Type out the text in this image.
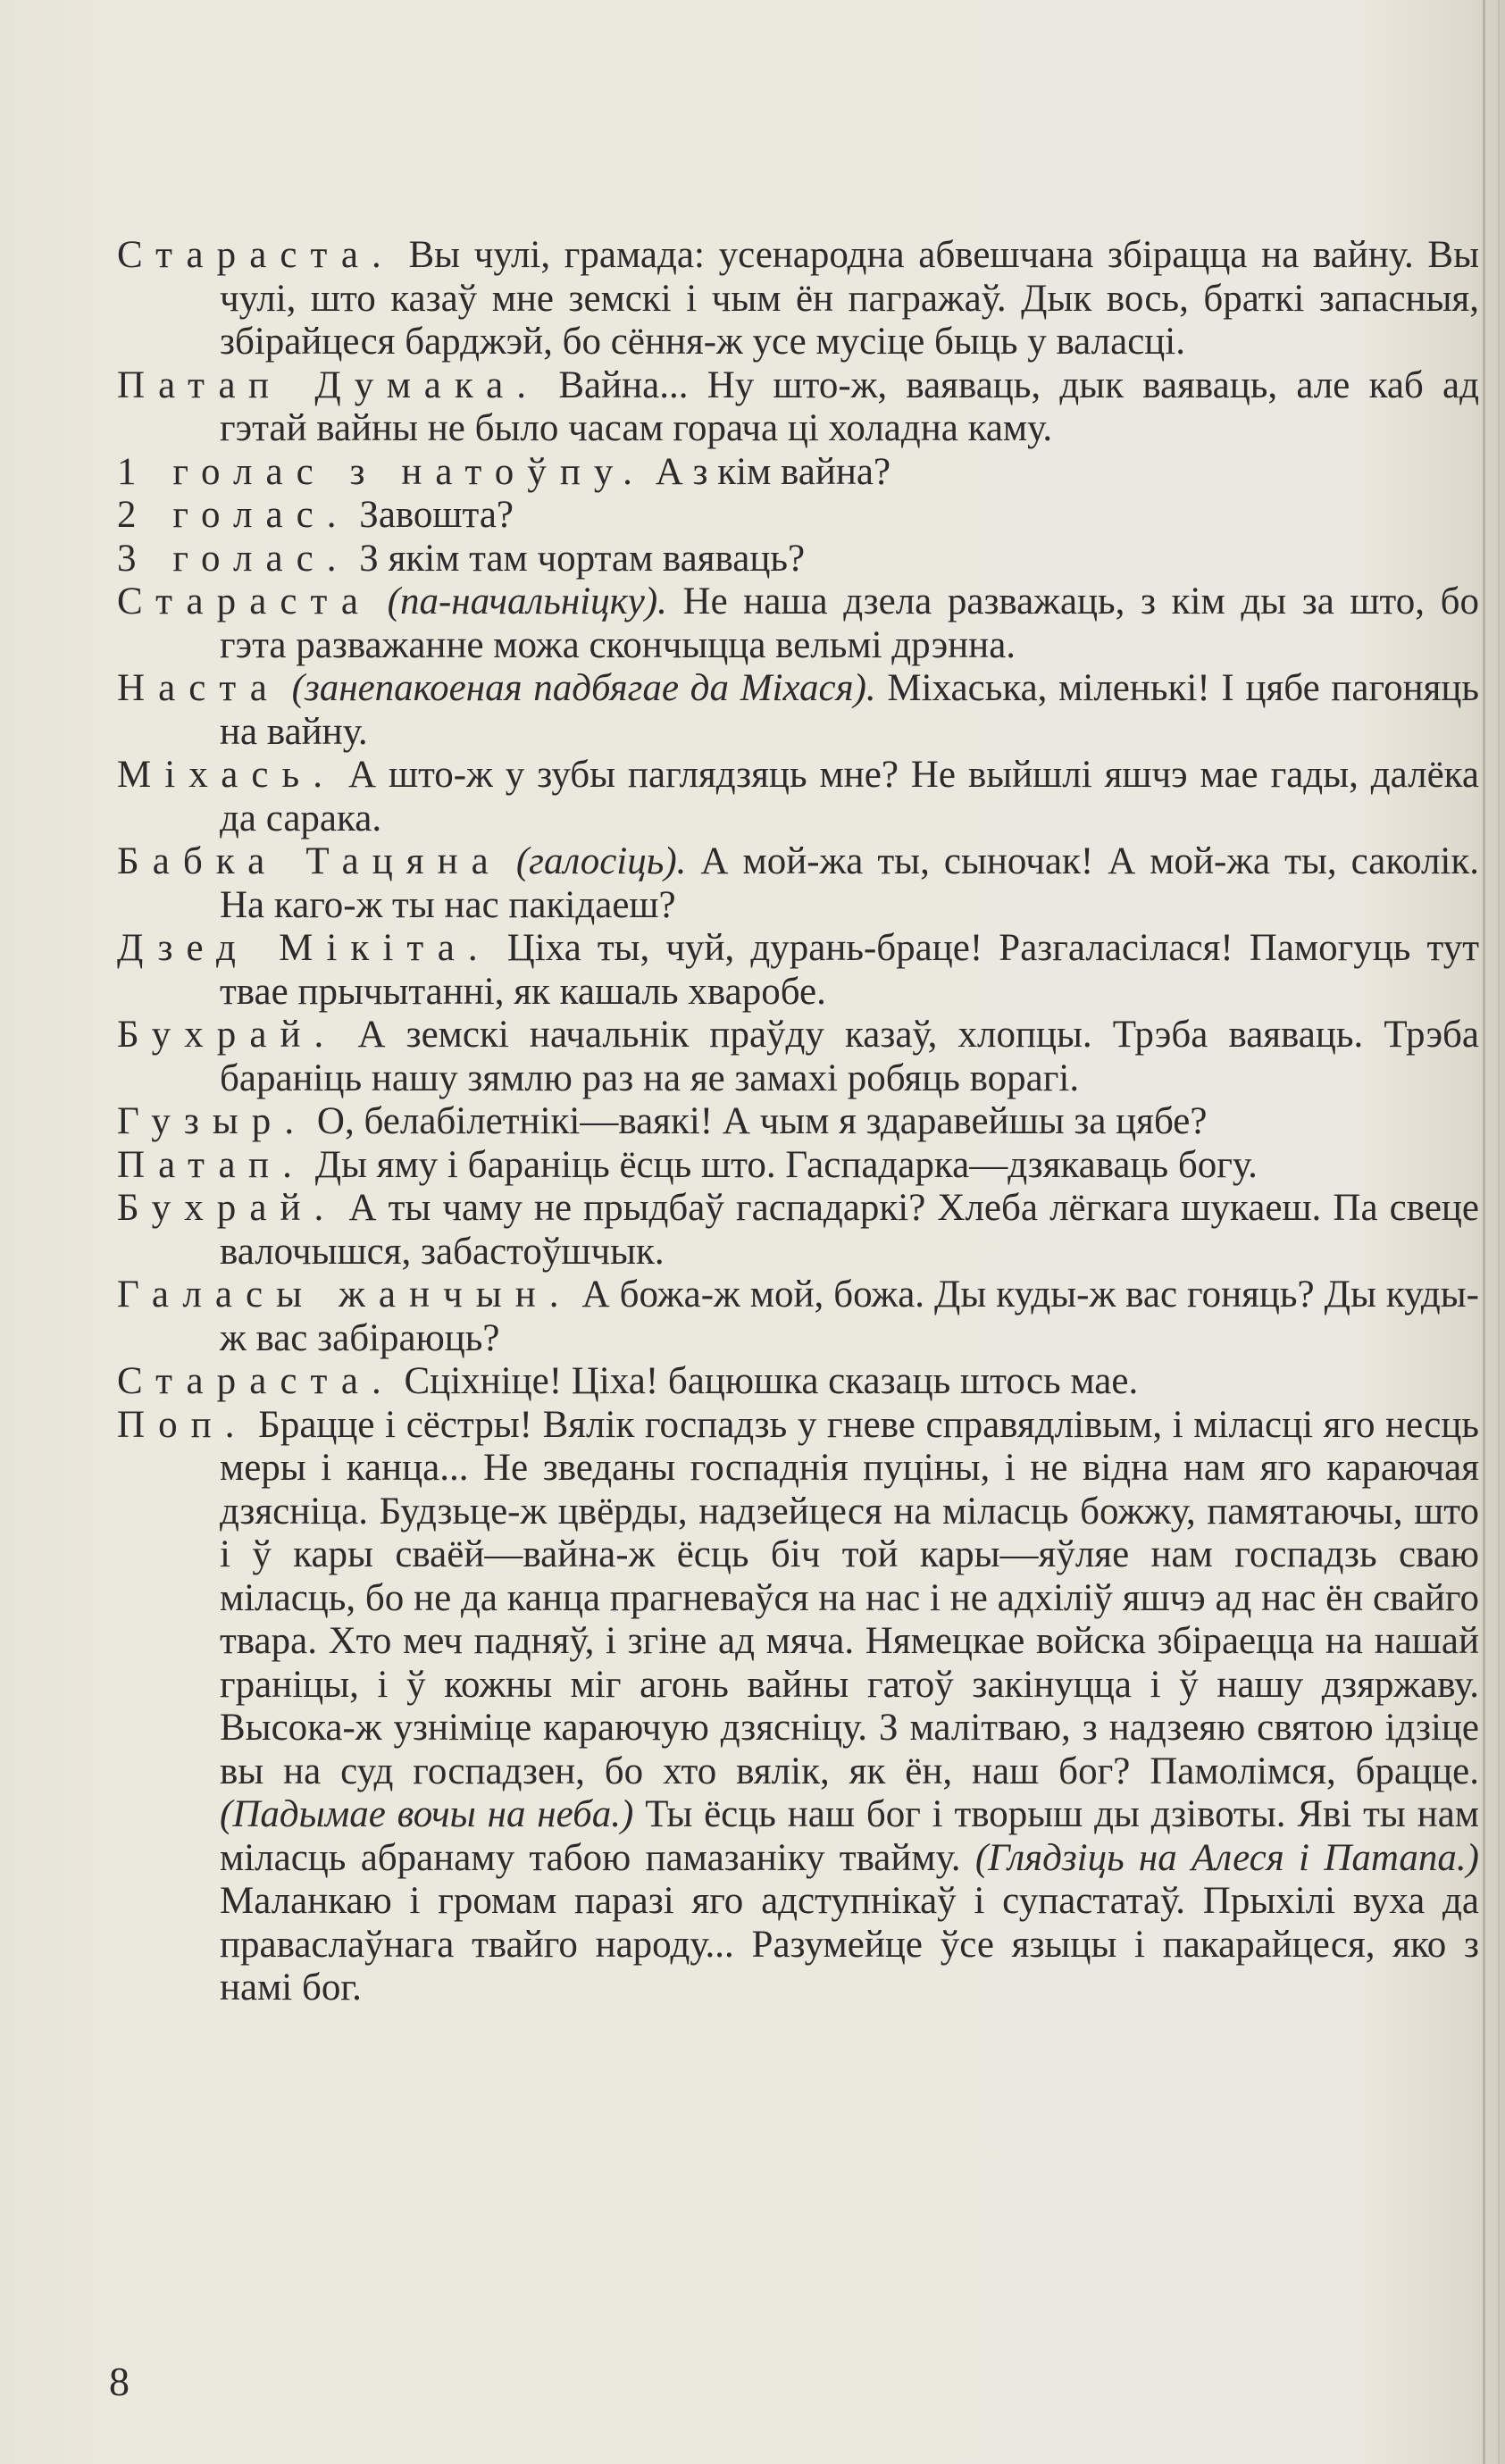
Стараста. Вы чулі, грамада: усенародна абвешчана збірацца на вайну. Вы чулі, што казаў мне земскі і чым ён пагражаў. Дык вось, браткі запасныя, збірайцеся барджэй, бо сёння-ж усе мусіце быць у валасці.

Патап Думака. Вайна... Ну што-ж, ваяваць, дык ваяваць, але каб ад гэтай вайны не было часам горача ці холадна каму.

1 голас з натоўпу. А з кім вайна?

2 голас. Завошта?

3 голас. З якім там чортам ваяваць?

Стараста (па-начальніцку). Не наша дзела разважаць, з кім ды за што, бо гэта разважанне можа скончыцца вельмі дрэнна.

Наста (занепакоеная падбягае да Міхася). Міхаська, міленькі! І цябе пагоняць на вайну.

Міхась. А што-ж у зубы паглядзяць мне? Не выйшлі яшчэ мае гады, далёка да сарака.

Бабка Тацяна (галосіць). А мой-жа ты, сыночак! А мой-жа ты, саколік. На каго-ж ты нас пакідаеш?

Дзед Мікіта. Ціха ты, чуй, дурань-браце! Разгаласілася! Памогуць тут твае прычытанні, як кашаль хваробе.

Бухрай. А земскі начальнік праўду казаў, хлопцы. Трэба ваяваць. Трэба бараніць нашу зямлю раз на яе замахі робяць ворагі.

Гузыр. О, белабілетнікі—ваякі! А чым я здаравейшы за цябе?

Патап. Ды яму і бараніць ёсць што. Гаспадарка—дзякаваць богу.

Бухрай. А ты чаму не прыдбаў гаспадаркі? Хлеба лёгкага шукаеш. Па свеце валочышся, забастоўшчык.

Галасы жанчын. А божа-ж мой, божа. Ды куды-ж вас гоняць? Ды куды-ж вас забіраюць?

Стараста. Сціхніце! Ціха! бацюшка сказаць штось мае.

Поп. Брацце і сёстры! Вялік госпадзь у гневе справядлівым, і міласці яго несць меры і канца... Не зведаны госпаднія пуціны, і не відна нам яго караючая дзясніца. Будзьце-ж цвёрды, надзейцеся на міласць божжу, памятаючы, што і ў кары сваёй—вайна-ж ёсць біч той кары—яўляе нам госпадзь сваю міласць, бо не да канца прагневаўся на нас і не адхіліў яшчэ ад нас ён свайго твара. Хто меч падняў, і згіне ад мяча. Нямецкае войска збіраецца на нашай граніцы, і ў кожны міг агонь вайны гатоў закінуцца і ў нашу дзяржаву. Высока-ж узніміце караючую дзясніцу. З малітваю, з надзеяю святою ідзіце вы на суд госпадзен, бо хто вялік, як ён, наш бог? Памолімся, брацце. (Падымае вочы на неба.) Ты ёсць наш бог і творыш ды дзівоты. Яві ты нам міласць абранаму табою памазаніку твайму. (Глядзіць на Алеся і Патапа.) Маланкаю і громам паразі яго адступнікаў і супастатаў. Прыхілі вуха да праваслаўнага твайго народу... Разумейце ўсе языцы і пакарайцеся, яко з намі бог.

8
